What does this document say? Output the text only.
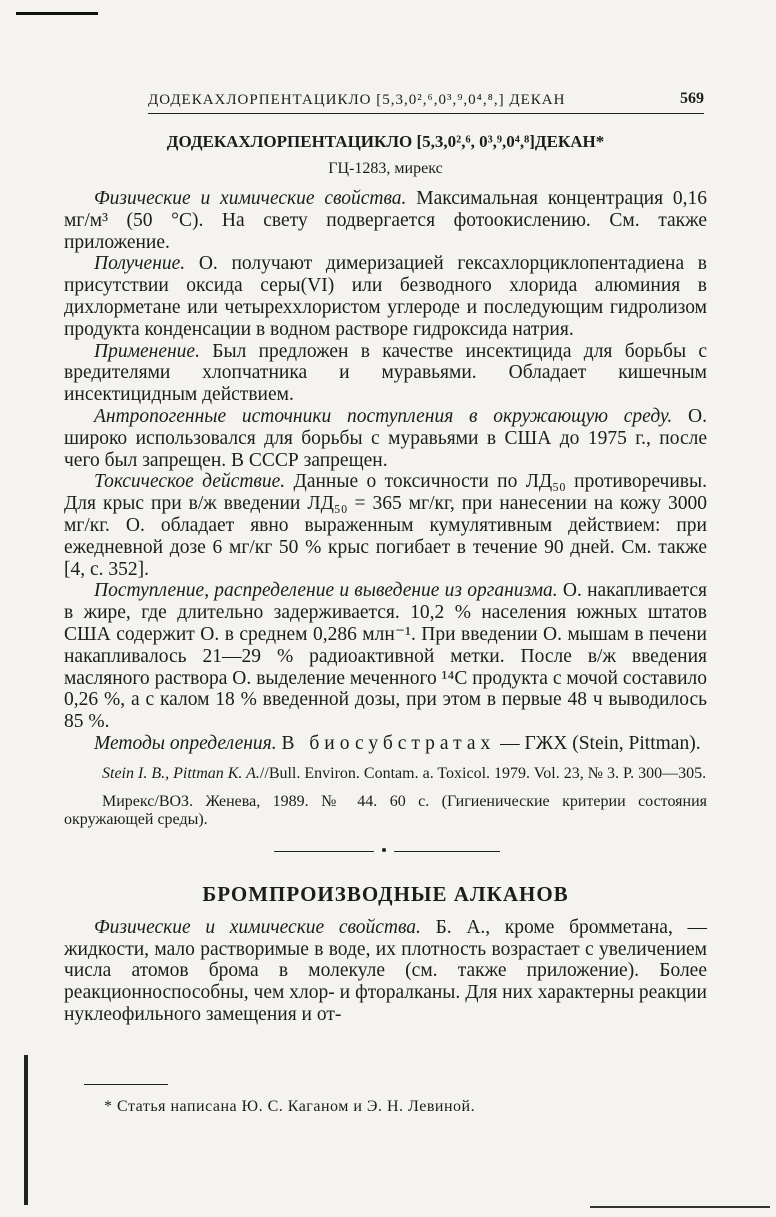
ДОДЕКАХЛОРПЕНТАЦИКЛО [5,3,0²,⁶,0³,⁹,0⁴,⁸,] ДЕКАН	569
ДОДЕКАХЛОРПЕНТАЦИКЛО [5,3,0²,⁶, 0³,⁹,0⁴,⁸]ДЕКАН*
ГЦ-1283, мирекс

Физические и химические свойства. Максимальная концентрация 0,16 мг/м³ (50 °С). На свету подвергается фотоокислению. См. также приложение.

Получение. О. получают димеризацией гексахлорциклопентадиена в присутствии оксида серы(VI) или безводного хлорида алюминия в дихлорметане или четыреххлористом углероде и последующим гидролизом продукта конденсации в водном растворе гидроксида натрия.

Применение. Был предложен в качестве инсектицида для борьбы с вредителями хлопчатника и муравьями. Обладает кишечным инсектицидным действием.

Антропогенные источники поступления в окружающую среду. О. широко использовался для борьбы с муравьями в США до 1975 г., после чего был запрещен. В СССР запрещен.

Токсическое действие. Данные о токсичности по ЛД₅₀ противоречивы. Для крыс при в/ж введении ЛД₅₀ = 365 мг/кг, при нанесении на кожу 3000 мг/кг. О. обладает явно выраженным кумулятивным действием: при ежедневной дозе 6 мг/кг 50 % крыс погибает в течение 90 дней. См. также [4, с. 352].

Поступление, распределение и выведение из организма. О. накапливается в жире, где длительно задерживается. 10,2 % населения южных штатов США содержит О. в среднем 0,286 млн⁻¹. При введении О. мышам в печени накапливалось 21—29 % радиоактивной метки. После в/ж введения масляного раствора О. выделение меченного ¹⁴С продукта с мочой составило 0,26 %, а с калом 18 % введенной дозы, при этом в первые 48 ч выводилось 85 %.

Методы определения. В биосубстратах — ГЖХ (Stein, Pittman).

Stein I. B., Pittman K. A.//Bull. Environ. Contam. a. Toxicol. 1979. Vol. 23, № 3. P. 300—305.

Мирекс/ВОЗ. Женева, 1989. № 44. 60 с. (Гигиенические критерии состояния окружающей среды).

БРОМПРОИЗВОДНЫЕ АЛКАНОВ

Физические и химические свойства. Б. А., кроме бромметана, — жидкости, мало растворимые в воде, их плотность возрастает с увеличением числа атомов брома в молекуле (см. также приложение). Более реакционноспособны, чем хлор- и фторалканы. Для них характерны реакции нуклеофильного замещения и от-

* Статья написана Ю. С. Каганом и Э. Н. Левиной.
